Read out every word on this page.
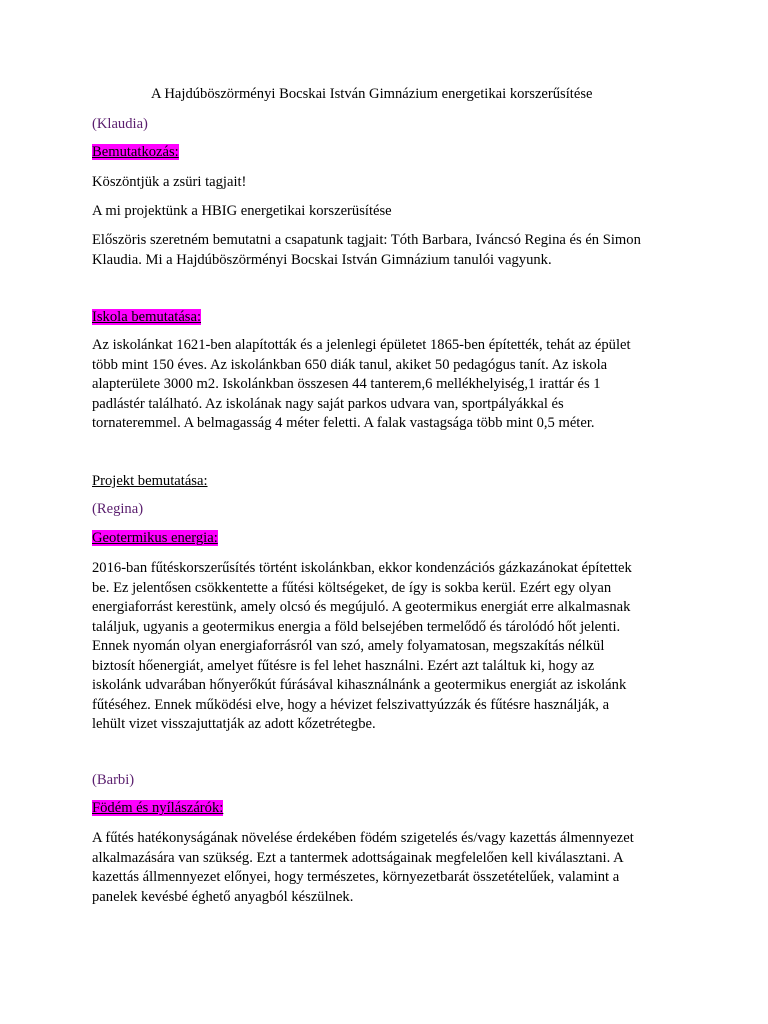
A Hajdúböszörményi Bocskai István Gimnázium energetikai korszerűsítése

(Klaudia)

Bemutatkozás:

Köszöntjük a zsüri tagjait!

A mi projektünk a HBIG energetikai korszerüsítése

Előszöris szeretném bemutatni a csapatunk tagjait: Tóth Barbara, Iváncsó Regina és én Simon
Klaudia. Mi a Hajdúböszörményi Bocskai István Gimnázium tanulói vagyunk.

Iskola bemutatása:

Az iskolánkat 1621-ben alapították és a jelenlegi épületet 1865-ben építették, tehát az épület
több mint 150 éves. Az iskolánkban 650 diák tanul, akiket 50 pedagógus tanít. Az iskola
alapterülete 3000 m2. Iskolánkban összesen 44 tanterem,6 mellékhelyiség,1 irattár és 1
padlástér található. Az iskolának nagy saját parkos udvara van, sportpályákkal és
tornateremmel. A belmagasság 4 méter feletti. A falak vastagsága több mint 0,5 méter.

Projekt bemutatása:

(Regina)

Geotermikus energia:

2016-ban fűtéskorszerűsítés történt iskolánkban, ekkor kondenzációs gázkazánokat építettek
be. Ez jelentősen csökkentette a fűtési költségeket, de így is sokba kerül. Ezért egy olyan
energiaforrást kerestünk, amely olcsó és megújuló. A geotermikus energiát erre alkalmasnak
találjuk, ugyanis a geotermikus energia a föld belsejében termelődő és tárolódó hőt jelenti.
Ennek nyomán olyan energiaforrásról van szó, amely folyamatosan, megszakítás nélkül
biztosít hőenergiát, amelyet fűtésre is fel lehet használni. Ezért azt találtuk ki, hogy az
iskolánk udvarában hőnyerőkút fúrásával kihasználnánk a geotermikus energiát az iskolánk
fűtéséhez. Ennek működési elve, hogy a hévizet felszivattyúzzák és fűtésre használják, a
lehült vizet visszajuttatják az adott kőzetrétegbe.

(Barbi)

Födém és nyílászárók:

A fűtés hatékonyságának növelése érdekében födém szigetelés és/vagy kazettás álmennyezet
alkalmazására van szükség. Ezt a tantermek adottságainak megfelelően kell kiválasztani. A
kazettás állmennyezet előnyei, hogy természetes, környezetbarát összetételűek, valamint a
panelek kevésbé éghető anyagból készülnek.
